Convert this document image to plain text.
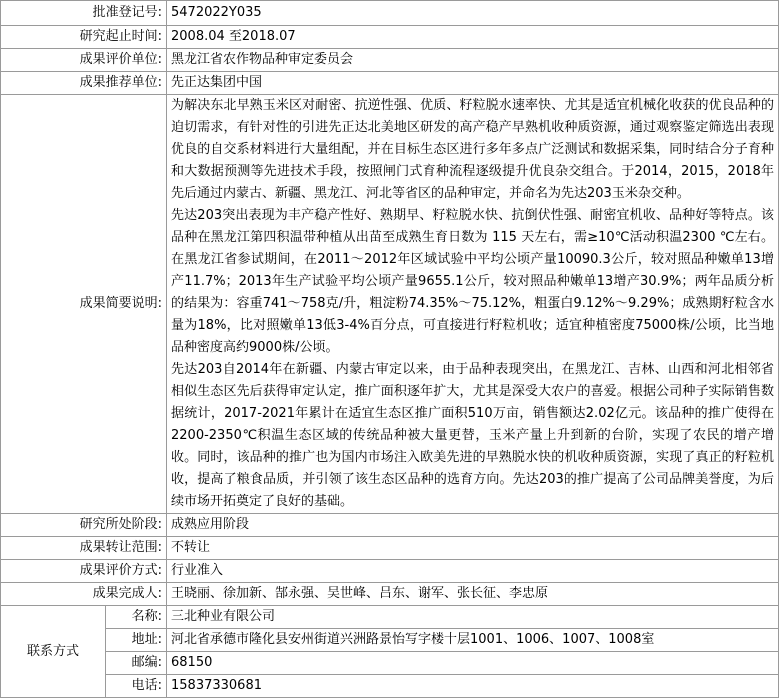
批准登记号:		5472022Y035
研究起止时间:		2008.04 至2018.07
成果评价单位:		黑龙江省农作物品种审定委员会
成果推荐单位:		先正达集团中国
成果简要说明:		为解决东北早熟玉米区对耐密、抗逆性强、优质、籽粒脱水速率快、尤其是适宜机械化收获的优良品种的迫切需求，有针对性的引进先正达北美地区研发的高产稳产早熟机收种质资源，通过观察鉴定筛选出表现优良的自交系材料进行大量组配，并在目标生态区进行多年多点广泛测试和数据采集，同时结合分子育种和大数据预测等先进技术手段，按照闸门式育种流程逐级提升优良杂交组合。于2014，2015，2018年先后通过内蒙古、新疆、黑龙江、河北等省区的品种审定，并命名为先达203玉米杂交种。

先达203突出表现为丰产稳产性好、熟期早、籽粒脱水快、抗倒伏性强、耐密宜机收、品种好等特点。该品种在黑龙江第四积温带种植从出苗至成熟生育日数为 115 天左右，需≥10℃活动积温2300 ℃左右。在黑龙江省参试期间，在2011～2012年区域试验中平均公顷产量10090.3公斤，较对照品种嫩单13增产11.7%；2013年生产试验平均公顷产量9655.1公斤，较对照品种嫩单13增产30.9%；两年品质分析的结果为：容重741～758克/升，粗淀粉74.35%～75.12%，粗蛋白9.12%～9.29%；成熟期籽粒含水量为18%，比对照嫩单13低3-4%百分点，可直接进行籽粒机收；适宜种植密度75000株/公顷，比当地品种密度高约9000株/公顷。

先达203自2014年在新疆、内蒙古审定以来，由于品种表现突出，在黑龙江、吉林、山西和河北相邻省相似生态区先后获得审定认定，推广面积逐年扩大，尤其是深受大农户的喜爱。根据公司种子实际销售数据统计，2017-2021年累计在适宜生态区推广面积510万亩，销售额达2.02亿元。该品种的推广使得在2200-2350℃积温生态区域的传统品种被大量更替，玉米产量上升到新的台阶，实现了农民的增产增收。同时，该品种的推广也为国内市场注入欧美先进的早熟脱水快的机收种质资源，实现了真正的籽粒机收，提高了粮食品质，并引领了该生态区品种的选育方向。先达203的推广提高了公司品牌美誉度，为后续市场开拓奠定了良好的基础。

研究所处阶段:		成熟应用阶段
成果转让范围:		不转让
成果评价方式:		行业准入
成果完成人:		王晓丽、徐加新、郜永强、吴世峰、吕东、谢军、张长征、李忠原
联系方式	名称:	三北种业有限公司
	地址:	河北省承德市隆化县安州街道兴洲路景怡写字楼十层1001、1006、1007、1008室
	邮编:	68150
	电话:	15837330681
